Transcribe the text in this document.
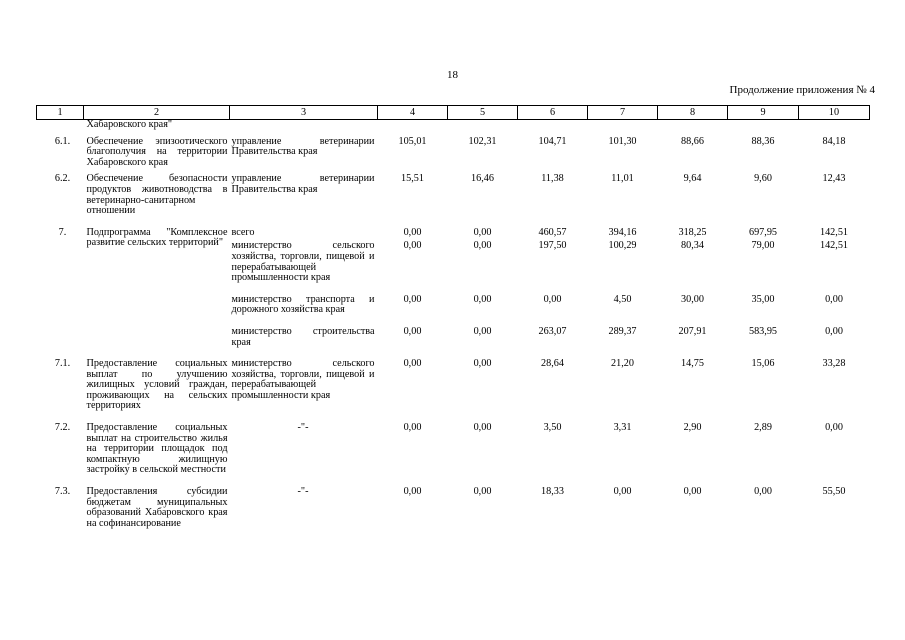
18
Продолжение приложения № 4
1	2	3	4	5	6	7	8	9	10
	Хабаровского края"								
6.1.	Обеспечение эпизоотического благополучия на территории Хабаровского края	управление ветеринарии Правительства края	105,01	102,31	104,71	101,30	88,66	88,36	84,18
6.2.	Обеспечение безопасности продуктов животноводства в ветеринарно-санитарном отношении	управление ветеринарии Правительства края	15,51	16,46	11,38	11,01	9,64	9,60	12,43
7.	Подпрограмма "Комплексное развитие сельских территорий"	всего	0,00	0,00	460,57	394,16	318,25	697,95	142,51
		министерство сельского хозяйства, торговли, пищевой и перерабатывающей промышленности края	0,00	0,00	197,50	100,29	80,34	79,00	142,51
		министерство транспорта и дорожного хозяйства края	0,00	0,00	0,00	4,50	30,00	35,00	0,00
		министерство строительства края	0,00	0,00	263,07	289,37	207,91	583,95	0,00
7.1.	Предоставление социальных выплат по улучшению жилищных условий граждан, проживающих на сельских территориях	министерство сельского хозяйства, торговли, пищевой и перерабатывающей промышленности края	0,00	0,00	28,64	21,20	14,75	15,06	33,28
7.2.	Предоставление социальных выплат на строительство жилья на территории площадок под компактную жилищную застройку в сельской местности	-"-	0,00	0,00	3,50	3,31	2,90	2,89	0,00
7.3.	Предоставления субсидии бюджетам муниципальных образований Хабаровского края на софинансирование	-"-	0,00	0,00	18,33	0,00	0,00	0,00	55,50
